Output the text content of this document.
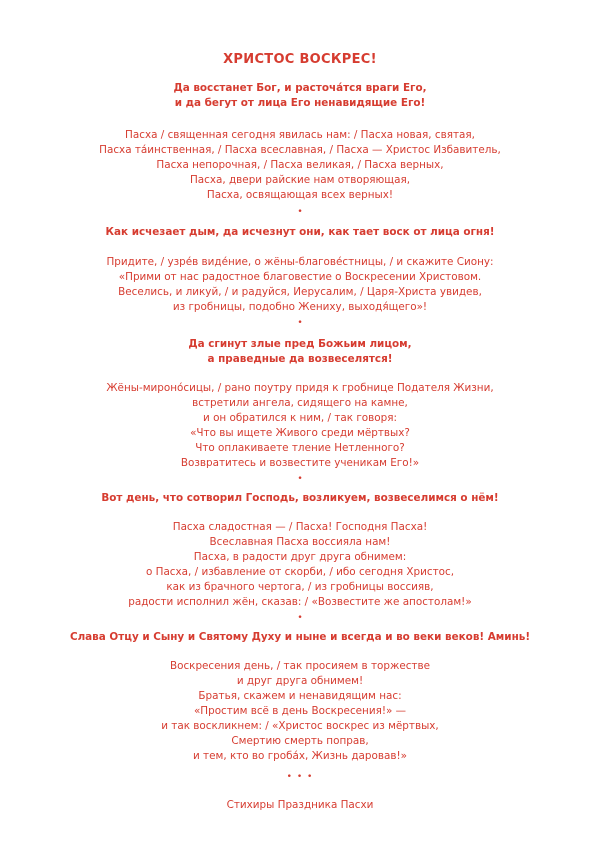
ХРИСТОС ВОСКРЕС!
Да восстанет Бог, и расточа́тся враги Его,
и да бегут от лица Его ненавидящие Его!
Пасха / священная сегодня явилась нам: / Пасха новая, святая,
Пасха та́инственная, / Пасха всеславная, / Пасха — Христос Избавитель,
Пасха непорочная, / Пасха великая, / Пасха верных,
Пасха, двери райские нам отворяющая,
Пасха, освящающая всех верных!
•
Как исчезает дым, да исчезнут они, как тает воск от лица огня!
Придите, / узре́в виде́ние, о жёны-благове́стницы, / и скажите Сиону:
«Прими от нас радостное благовестие о Воскресении Христовом.
Веселись, и ликуй, / и радуйся, Иерусалим, / Царя-Христа увидев,
из гробницы, подобно Жениху, выходя́щего»!
•
Да сгинут злые пред Божьим лицом,
а праведные да возвеселятся!
Жёны-мироно́сицы, / рано поутру придя к гробнице Подателя Жизни,
встретили ангела, сидящего на камне,
и он обратился к ним, / так говоря:
«Что вы ищете Живого среди мёртвых?
Что оплакиваете тление Нетленного?
Возвратитесь и возвестите ученикам Его!»
•
Вот день, что сотворил Господь, возликуем, возвеселимся о нём!
Пасха сладостная — / Пасха! Господня Пасха!
Всеславная Пасха воссияла нам!
Пасха, в радости друг друга обнимем:
о Пасха, / избавление от скорби, / ибо сегодня Христос,
как из брачного чертога, / из гробницы воссияв,
радости исполнил жён, сказав: / «Возвестите же апостолам!»
•
Слава Отцу и Сыну и Святому Духу и ныне и всегда и во веки веков! Аминь!
Воскресения день, / так просияем в торжестве
и друг друга обнимем!
Братья, скажем и ненавидящим нас:
«Простим всё в день Воскресения!» —
и так воскликнем: / «Христос воскрес из мёртвых,
Смертию смерть поправ,
и тем, кто во гроба́х, Жизнь даровав!»
• • •
Стихиры Праздника Пасхи
